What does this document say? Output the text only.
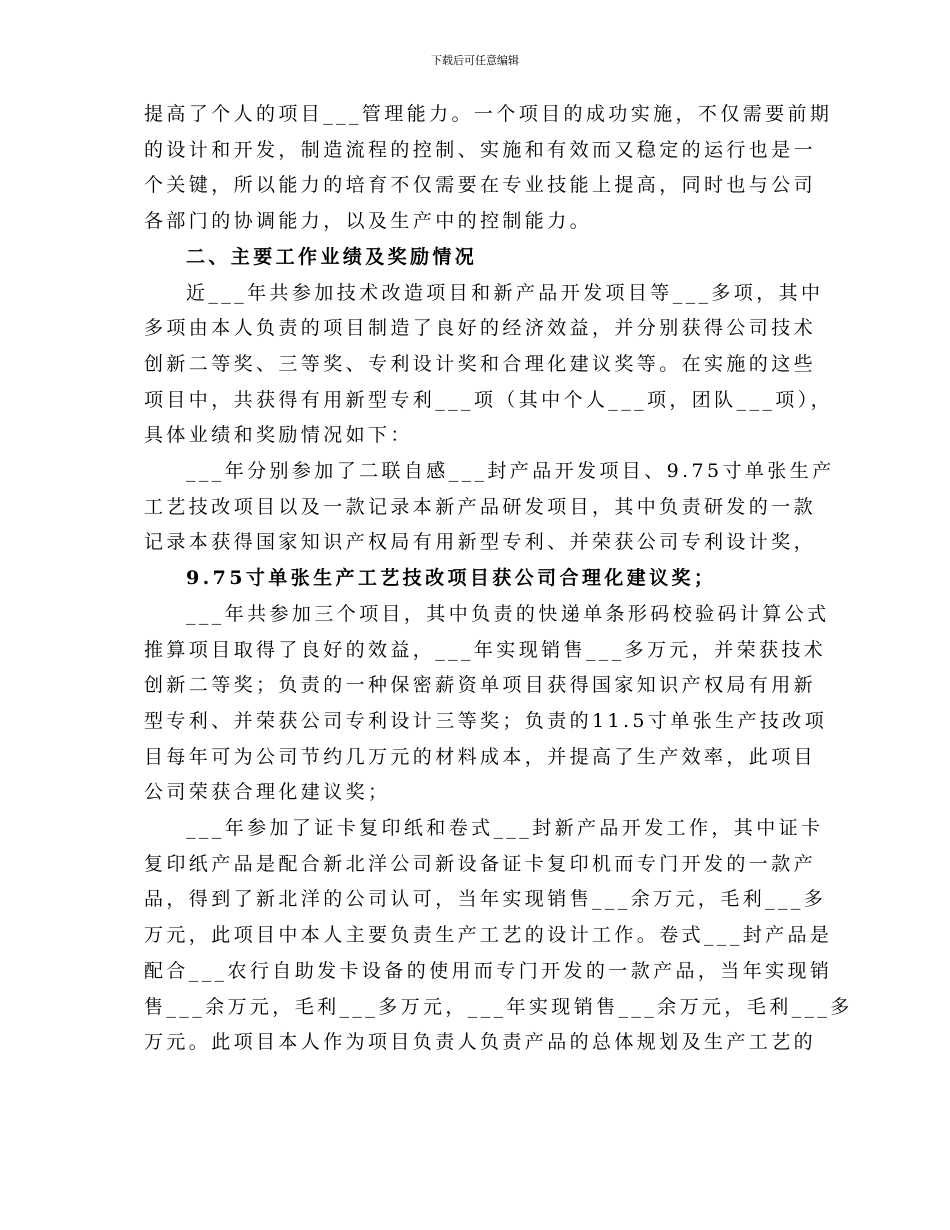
下载后可任意编辑

提高了个人的项目___管理能力。一个项目的成功实施，不仅需要前期

的设计和开发，制造流程的控制、实施和有效而又稳定的运行也是一

个关键，所以能力的培育不仅需要在专业技能上提高，同时也与公司

各部门的协调能力，以及生产中的控制能力。

二、主要工作业绩及奖励情况

近___年共参加技术改造项目和新产品开发项目等___多项，其中

多项由本人负责的项目制造了良好的经济效益，并分别获得公司技术

创新二等奖、三等奖、专利设计奖和合理化建议奖等。在实施的这些

项目中，共获得有用新型专利___项（其中个人___项，团队___项），

具体业绩和奖励情况如下：

___年分别参加了二联自感___封产品开发项目、9.75寸单张生产

工艺技改项目以及一款记录本新产品研发项目，其中负责研发的一款

记录本获得国家知识产权局有用新型专利、并荣获公司专利设计奖，

9.75寸单张生产工艺技改项目获公司合理化建议奖；

___年共参加三个项目，其中负责的快递单条形码校验码计算公式

推算项目取得了良好的效益，___年实现销售___多万元，并荣获技术

创新二等奖；负责的一种保密薪资单项目获得国家知识产权局有用新

型专利、并荣获公司专利设计三等奖；负责的11.5寸单张生产技改项

目每年可为公司节约几万元的材料成本，并提高了生产效率，此项目

公司荣获合理化建议奖；

___年参加了证卡复印纸和卷式___封新产品开发工作，其中证卡

复印纸产品是配合新北洋公司新设备证卡复印机而专门开发的一款产

品，得到了新北洋的公司认可，当年实现销售___余万元，毛利___多

万元，此项目中本人主要负责生产工艺的设计工作。卷式___封产品是

配合___农行自助发卡设备的使用而专门开发的一款产品，当年实现销

售___余万元，毛利___多万元，___年实现销售___余万元，毛利___多

万元。此项目本人作为项目负责人负责产品的总体规划及生产工艺的
